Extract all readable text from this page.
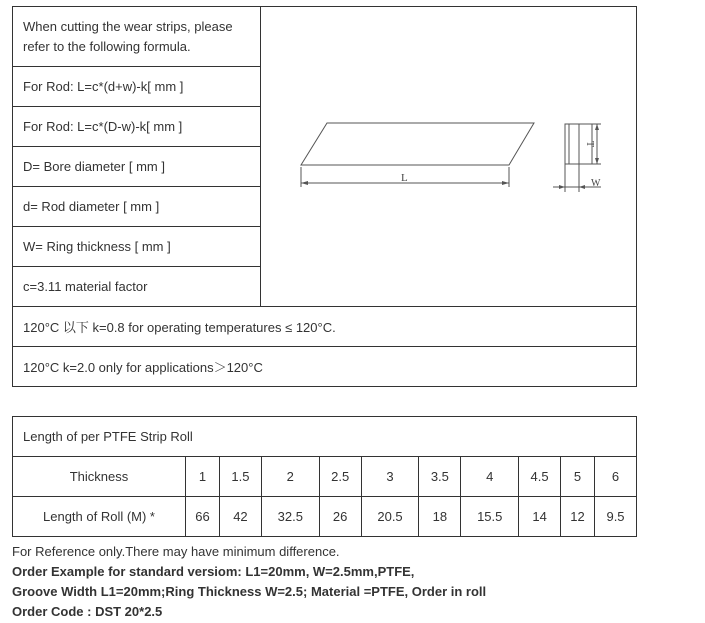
When cutting the wear strips, please refer to the following formula.	
L
T
W

For Rod: L=c*(d+w)-k[ mm ]
For Rod: L=c*(D-w)-k[ mm ]
D= Bore diameter [ mm ]
d= Rod diameter [ mm ]
W= Ring thickness [ mm ]
c=3.11 material factor
120°C 以下 k=0.8 for operating temperatures ≤ 120°C.
120°C k=2.0 only for applications＞120°C
Length of per PTFE Strip Roll										
Thickness	1	1.5	2	2.5	3	3.5	4	4.5	5	6
Length of Roll (M) *	66	42	32.5	26	20.5	18	15.5	14	12	9.5
For Reference only.There may have minimum difference.
Order Example for standard versiom: L1=20mm, W=2.5mm,PTFE,
Groove Width L1=20mm;Ring Thickness W=2.5; Material =PTFE, Order in roll
Order Code : DST 20*2.5
